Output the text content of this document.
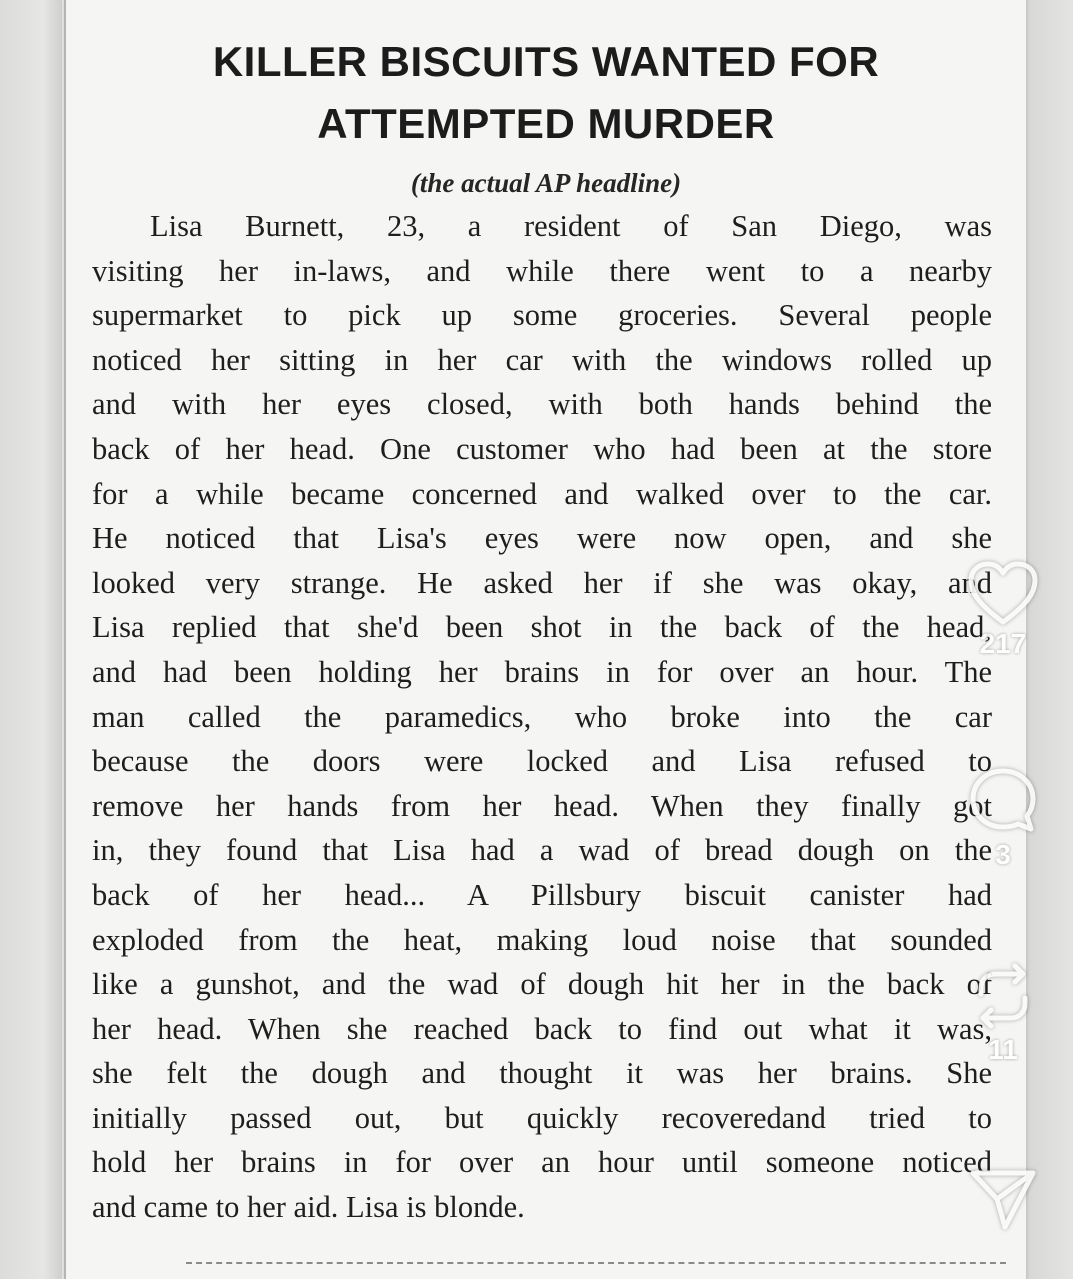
KILLER BISCUITS WANTED FOR
ATTEMPTED MURDER
(the actual AP headline)
Lisa Burnett, 23, a resident of San Diego, was
visiting her in-laws, and while there went to a nearby
supermarket to pick up some groceries. Several people
noticed her sitting in her car with the windows rolled up
and with her eyes closed, with both hands behind the
back of her head. One customer who had been at the store
for a while became concerned and walked over to the car.
He noticed that Lisa's eyes were now open, and she
looked very strange. He asked her if she was okay, and
Lisa replied that she'd been shot in the back of the head,
and had been holding her brains in for over an hour. The
man called the paramedics, who broke into the car
because the doors were locked and Lisa refused to
remove her hands from her head. When they finally got
in, they found that Lisa had a wad of bread dough on the
back of her head... A Pillsbury biscuit canister had
exploded from the heat, making loud noise that sounded
like a gunshot, and the wad of dough hit her in the back of
her head. When she reached back to find out what it was,
she felt the dough and thought it was her brains. She
initially passed out, but quickly recoveredand tried to
hold her brains in for over an hour until someone noticed
and came to her aid. Lisa is blonde.
217
3
11
